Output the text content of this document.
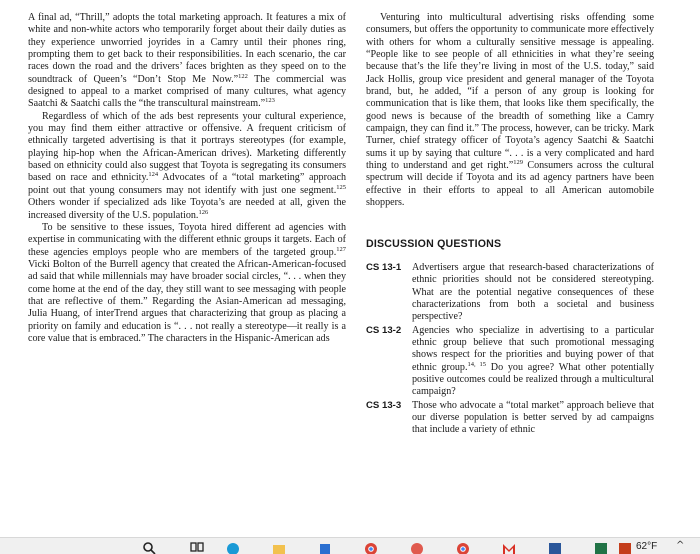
A final ad, “Thrill,” adopts the total marketing approach. It features a mix of white and non-white actors who temporarily forget about their daily duties as they experience unworried joyrides in a Camry until their phones ring, prompting them to get back to their responsibilities. In each scenario, the car races down the road and the drivers’ faces brighten as they speed on to the soundtrack of Queen’s “Don’t Stop Me Now.”$^{122}$ The commercial was designed to appeal to a market comprised of many cultures, what agency Saatchi & Saatchi calls the “the transcultural mainstream.”$^{123}$

Regardless of which of the ads best represents your cultural experience, you may find them either attractive or offensive. A frequent criticism of ethnically targeted advertising is that it portrays stereotypes (for example, playing hip-hop when the African-American drives). Marketing differently based on ethnicity could also suggest that Toyota is segregating its consumers based on race and ethnicity.$^{124}$ Advocates of a “total marketing” approach point out that young consumers may not identify with just one segment.$^{125}$ Others wonder if specialized ads like Toyota’s are needed at all, given the increased diversity of the U.S. population.$^{126}$

To be sensitive to these issues, Toyota hired different ad agencies with expertise in communicating with the different ethnic groups it targets. Each of these agencies employs people who are members of the targeted group.$^{127}$ Vicki Bolton of the Burrell agency that created the African-American-focused ad said that while millennials may have broader social circles, “. . . when they come home at the end of the day, they still want to see messaging with people that are reflective of them.” Regarding the Asian-American ad messaging, Julia Huang, of interTrend argues that characterizing that group as placing a priority on family and education is “. . . not really a stereotype—it really is a core value that is embraced.” The characters in the Hispanic-American ads

Venturing into multicultural advertising risks offending some consumers, but offers the opportunity to communicate more effectively with others for whom a culturally sensitive message is appealing. “People like to see people of all ethnicities in what they’re seeing because that’s the life they’re living in most of the U.S. today,” said Jack Hollis, group vice president and general manager of the Toyota brand, but, he added, “if a person of any group is looking for communication that is like them, that looks like them specifically, the good news is because of the breadth of something like a Camry campaign, they can find it.” The process, however, can be tricky. Mark Turner, chief strategy officer of Toyota’s agency Saatchi & Saatchi sums it up by saying that culture “. . . is a very complicated and hard thing to understand and get right.”$^{129}$ Consumers across the cultural spectrum will decide if Toyota and its ad agency partners have been effective in their efforts to appeal to all American automobile shoppers.

DISCUSSION QUESTIONS
CS 13-1	Advertisers argue that research-based characterizations of ethnic priorities should not be considered stereotyping. What are the potential negative consequences of these characterizations from both a societal and business perspective?
CS 13-2	Agencies who specialize in advertising to a particular ethnic group believe that such promotional messaging shows respect for the priorities and buying power of that ethnic group.$^{14, 15}$ Do you agree? What other potentially positive outcomes could be realized through a multicultural campaign?
CS 13-3	Those who advocate a “total market” approach believe that our diverse population is better served by ad campaigns that include a variety of ethnic
62°F ^
